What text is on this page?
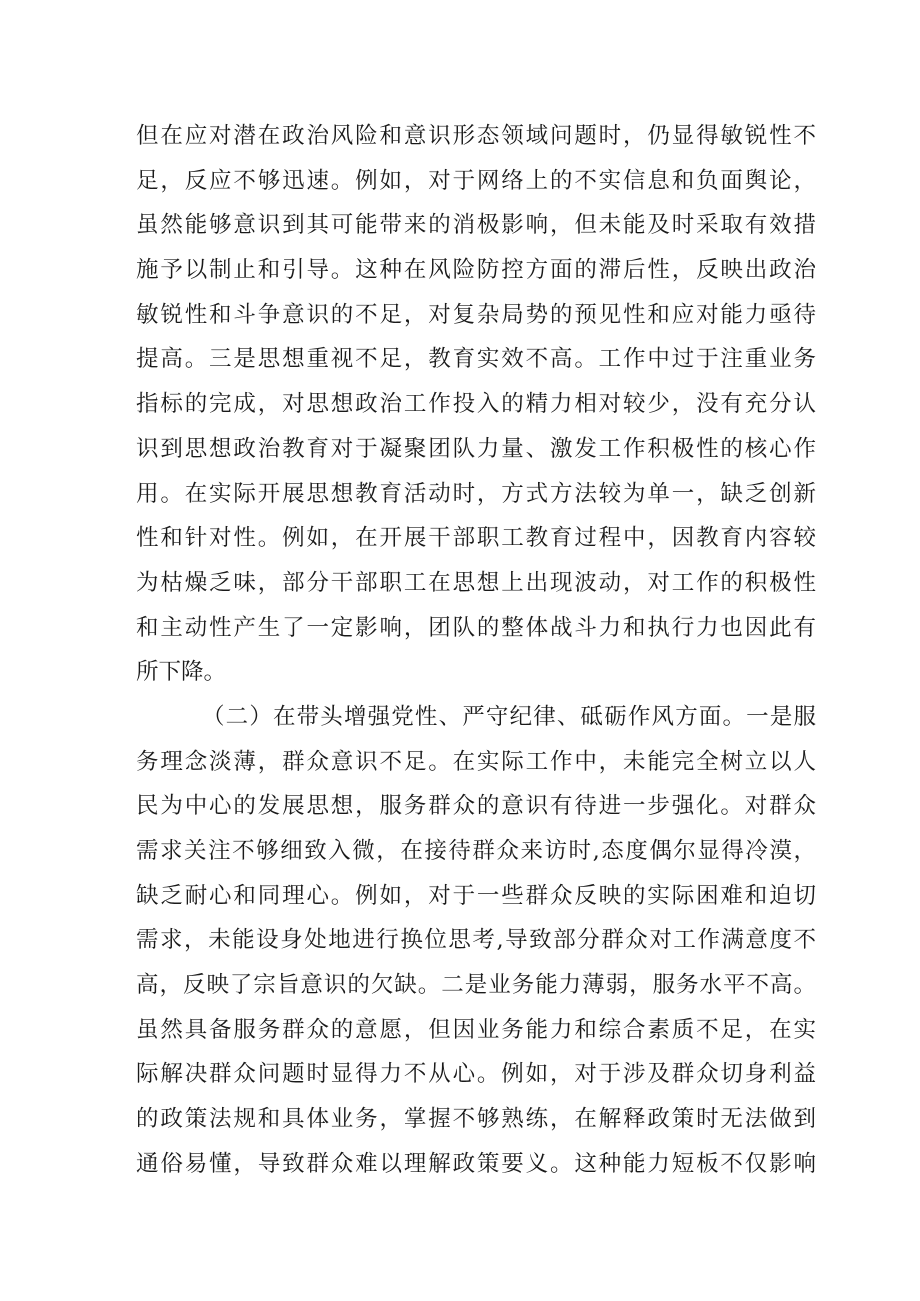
但在应对潜在政治风险和意识形态领域问题时，仍显得敏锐性不
足，反应不够迅速。例如，对于网络上的不实信息和负面舆论，
虽然能够意识到其可能带来的消极影响，但未能及时采取有效措
施予以制止和引导。这种在风险防控方面的滞后性，反映出政治
敏锐性和斗争意识的不足，对复杂局势的预见性和应对能力亟待
提高。三是思想重视不足，教育实效不高。工作中过于注重业务
指标的完成，对思想政治工作投入的精力相对较少，没有充分认
识到思想政治教育对于凝聚团队力量、激发工作积极性的核心作
用。在实际开展思想教育活动时，方式方法较为单一，缺乏创新
性和针对性。例如，在开展干部职工教育过程中，因教育内容较
为枯燥乏味，部分干部职工在思想上出现波动，对工作的积极性
和主动性产生了一定影响，团队的整体战斗力和执行力也因此有
所下降。
（二）在带头增强党性、严守纪律、砥砺作风方面。一是服
务理念淡薄，群众意识不足。在实际工作中，未能完全树立以人
民为中心的发展思想，服务群众的意识有待进一步强化。对群众
需求关注不够细致入微，在接待群众来访时,态度偶尔显得冷漠，
缺乏耐心和同理心。例如，对于一些群众反映的实际困难和迫切
需求，未能设身处地进行换位思考,导致部分群众对工作满意度不
高，反映了宗旨意识的欠缺。二是业务能力薄弱，服务水平不高。
虽然具备服务群众的意愿，但因业务能力和综合素质不足，在实
际解决群众问题时显得力不从心。例如，对于涉及群众切身利益
的政策法规和具体业务，掌握不够熟练，在解释政策时无法做到
通俗易懂，导致群众难以理解政策要义。这种能力短板不仅影响
